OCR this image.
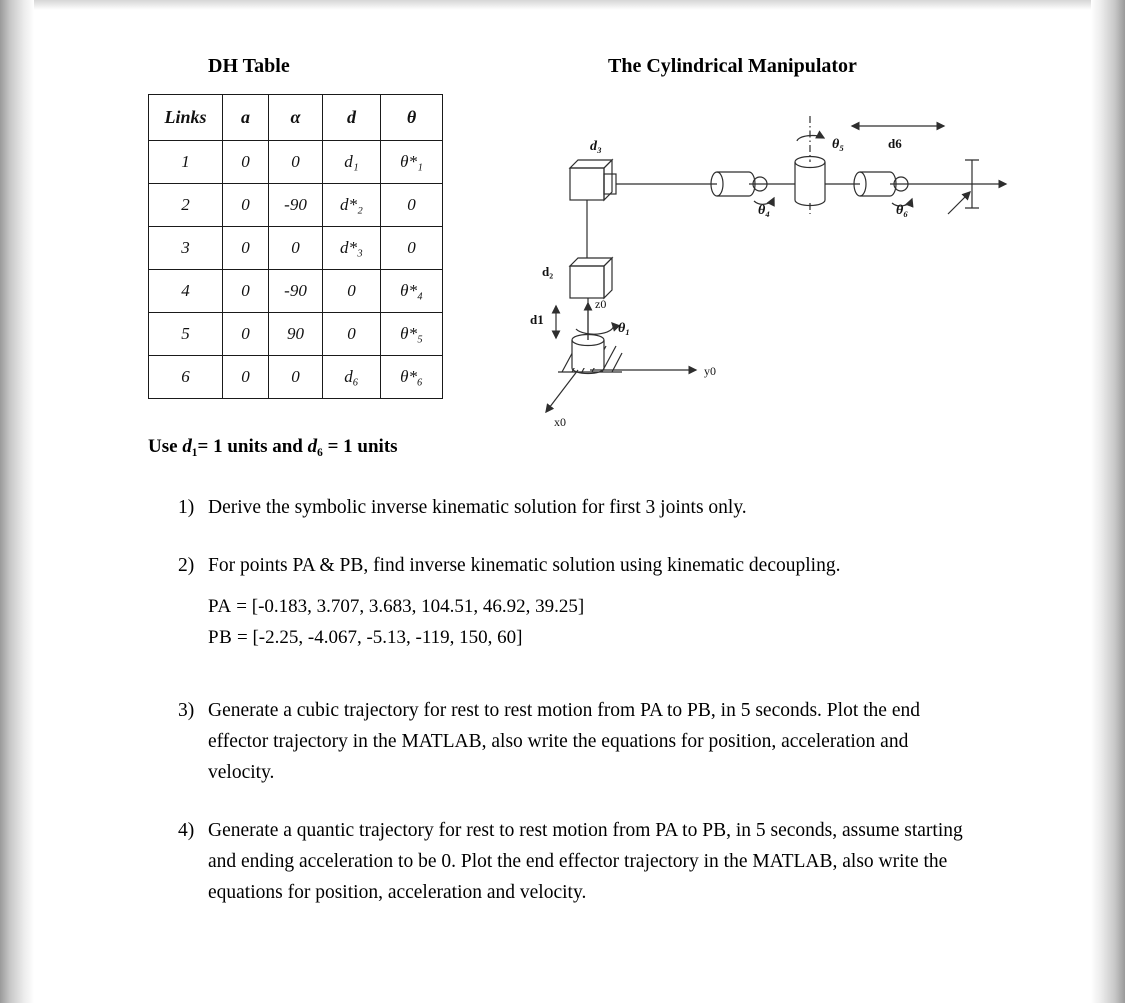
DH Table	The Cylindrical Manipulator
Links	a	α	d	θ
1	0	0	d₁	θ*₁
2	0	-90	d*₂	0
3	0	0	d*₃	0
4	0	-90	0	θ*₄
5	0	90	0	θ*₅
6	0	0	d₆	θ*₆
d₃
d₂
d1
z0
θ₁
y0
x0
θ₄
θ₅	d6
θ₆

Use d₁= 1 units and d₆ = 1 units

1) Derive the symbolic inverse kinematic solution for first 3 joints only.
2) For points PA & PB, find inverse kinematic solution using kinematic decoupling.
PA = [-0.183, 3.707, 3.683, 104.51, 46.92, 39.25]
PB = [-2.25, -4.067, -5.13, -119, 150, 60]
3) Generate a cubic trajectory for rest to rest motion from PA to PB, in 5 seconds. Plot the end effector trajectory in the MATLAB, also write the equations for position, acceleration and velocity.
4) Generate a quantic trajectory for rest to rest motion from PA to PB, in 5 seconds, assume starting and ending acceleration to be 0. Plot the end effector trajectory in the MATLAB, also write the equations for position, acceleration and velocity.
